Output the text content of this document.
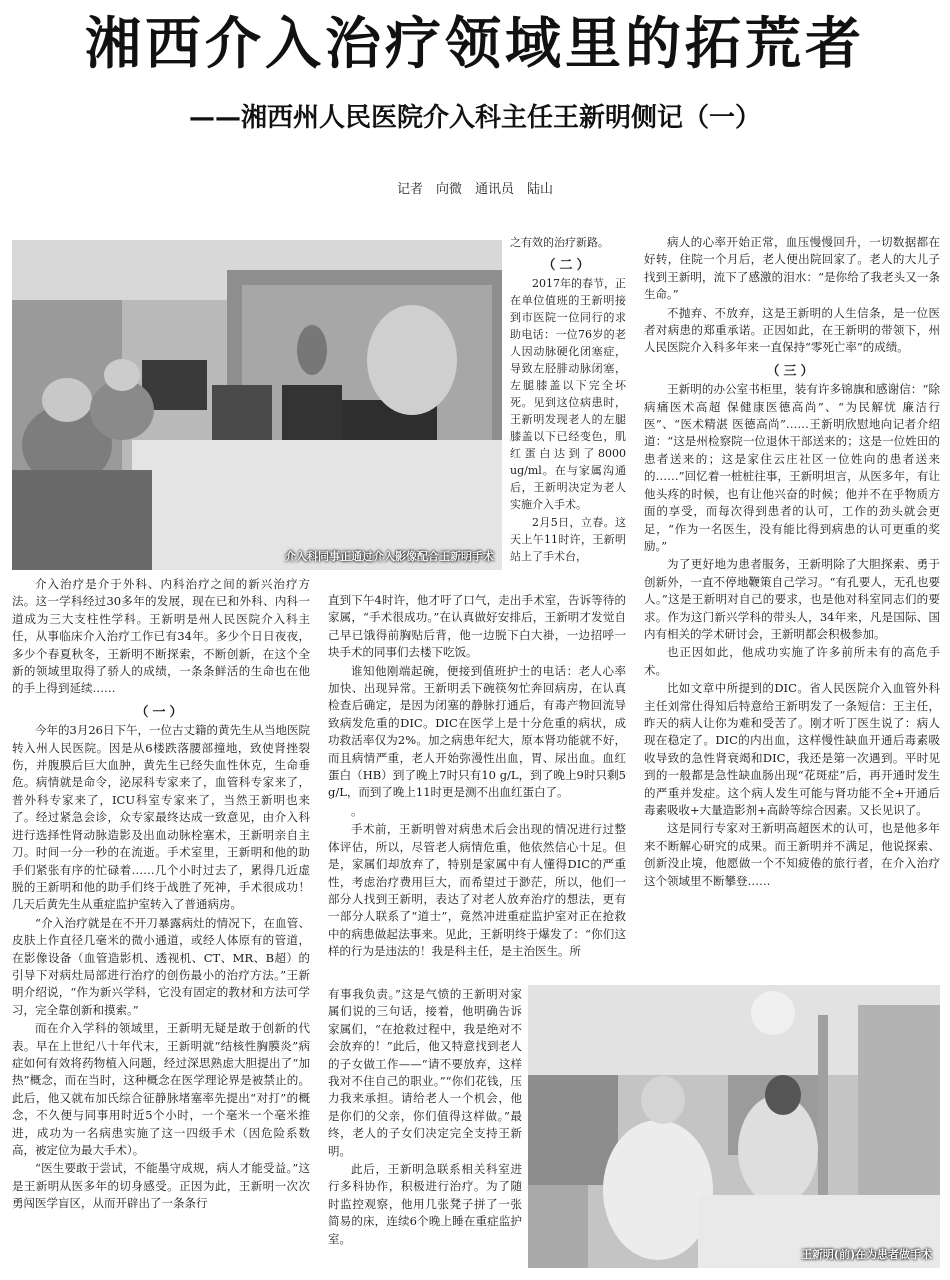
湘西介入治疗领域里的拓荒者
——湘西州人民医院介入科主任王新明侧记（一）
记者　向微　通讯员　陆山
介入科同事正通过介入影像配合王新明手术

介入治疗是介于外科、内科治疗之间的新兴治疗方法。这一学科经过30多年的发展，现在已和外科、内科一道成为三大支柱性学科。王新明是州人民医院介入科主任，从事临床介入治疗工作已有34年。多少个日日夜夜，多少个春夏秋冬，王新明不断探索，不断创新，在这个全新的领域里取得了骄人的成绩，一条条鲜活的生命也在他的手上得到延续……

（一）

今年的3月26日下午，一位古丈籍的黄先生从当地医院转入州人民医院。因是从6楼跌落腰部撞地，致使肾挫裂伤，并腹膜后巨大血肿，黄先生已经失血性休克，生命垂危。病情就是命令，泌尿科专家来了，血管科专家来了，普外科专家来了，ICU科室专家来了，当然王新明也来了。经过紧急会诊，众专家最终达成一致意见，由介入科进行选择性肾动脉造影及出血动脉栓塞术，王新明亲自主刀。时间一分一秒的在流逝。手术室里，王新明和他的助手们紧张有序的忙碌着……几个小时过去了，累得几近虚脱的王新明和他的助手们终于战胜了死神，手术很成功！几天后黄先生从重症监护室转入了普通病房。

“介入治疗就是在不开刀暴露病灶的情况下，在血管、皮肤上作直径几毫米的微小通道，或经人体原有的管道，在影像设备（血管造影机、透视机、CT、MR、B超）的引导下对病灶局部进行治疗的创伤最小的治疗方法。”王新明介绍说，“作为新兴学科，它没有固定的教材和方法可学习，完全靠创新和摸索。”

而在介入学科的领域里，王新明无疑是敢于创新的代表。早在上世纪八十年代末，王新明就“结核性胸膜炎”病症如何有效将药物植入问题，经过深思熟虑大胆提出了“加热”概念，而在当时，这种概念在医学理论界是被禁止的。此后，他又就布加氏综合征静脉堵塞率先提出“对打”的概念，不久便与同事用时近5个小时，一个毫米一个毫米推进，成功为一名病患实施了这一四级手术（因危险系数高，被定位为最大手术）。

“医生要敢于尝试，不能墨守成规，病人才能受益。”这是王新明从医多年的切身感受。正因为此，王新明一次次勇闯医学盲区，从而开辟出了一条条行

之有效的治疗新路。

（二）

2017年的春节，正在单位值班的王新明接到市医院一位同行的求助电话：一位76岁的老人因动脉硬化闭塞症，导致左胫腓动脉闭塞，左腿膝盖以下完全坏死。见到这位病患时，王新明发现老人的左腿膝盖以下已经变色，肌红蛋白达到了8000 ug/ml。在与家属沟通后，王新明决定为老人实施介入手术。

2月5日，立春。这天上午11时许，王新明站上了手术台，

直到下午4时许，他才吁了口气，走出手术室，告诉等待的家属，“手术很成功。”在认真做好安排后，王新明才发觉自己早已饿得前胸贴后背，他一边脱下白大褂，一边招呼一块手术的同事们去楼下吃饭。

谁知他刚端起碗，便接到值班护士的电话：老人心率加快、出现异常。王新明丢下碗筷匆忙奔回病房，在认真检查后确定，是因为闭塞的静脉打通后，有毒产物回流导致病发危重的DIC。DIC在医学上是十分危重的病状，成功救活率仅为2%。加之病患年纪大，原本肾功能就不好，而且病情严重，老人开始弥漫性出血，胃、尿出血。血红蛋白（HB）到了晚上7时只有10 g/L，到了晚上9时只剩5 g/L，而到了晚上11时更是测不出血红蛋白了。

。

手术前，王新明曾对病患术后会出现的情况进行过整体评估，所以，尽管老人病情危重，他依然信心十足。但是，家属们却放弃了，特别是家属中有人懂得DIC的严重性，考虑治疗费用巨大，而希望过于渺茫，所以，他们一部分人找到王新明，表达了对老人放弃治疗的想法，更有一部分人联系了“道士”，竟然冲进重症监护室对正在抢救中的病患做起法事来。见此，王新明终于爆发了：“你们这样的行为是违法的！我是科主任，是主治医生。所

有事我负责。”这是气愤的王新明对家属们说的三句话，接着，他明确告诉家属们，“在抢救过程中，我是绝对不会放弃的！”此后，他又特意找到老人的子女做工作——“请不要放弃，这样我对不住自己的职业。”“你们花钱，压力我来承担。请给老人一个机会，他是你们的父亲，你们值得这样做。”最终，老人的子女们决定完全支持王新明。

此后，王新明急联系相关科室进行多科协作，积极进行治疗。为了随时监控观察，他用几张凳子拼了一张简易的床，连续6个晚上睡在重症监护室。

病人的心率开始正常，血压慢慢回升，一切数据都在好转，住院一个月后，老人便出院回家了。老人的大儿子找到王新明，流下了感激的泪水：“是你给了我老头又一条生命。”

不抛弃、不放弃，这是王新明的人生信条，是一位医者对病患的郑重承诺。正因如此，在王新明的带领下，州人民医院介入科多年来一直保持“零死亡率”的成绩。

（三）

王新明的办公室书柜里，装有许多锦旗和感谢信：“除病痛医术高超 保健康医德高尚”、“为民解忧 廉洁行医”、“医术精湛 医德高尚”……王新明欣慰地向记者介绍道：“这是州检察院一位退休干部送来的；这是一位姓田的患者送来的；这是家住云庄社区一位姓向的患者送来的……”回忆着一桩桩往事，王新明坦言，从医多年，有让他头疼的时候，也有让他兴奋的时候；他并不在乎物质方面的享受，而每次得到患者的认可，工作的劲头就会更足，“作为一名医生，没有能比得到病患的认可更重的奖励。”

为了更好地为患者服务，王新明除了大胆探索、勇于创新外，一直不停地鞭策自己学习。“有孔要人，无孔也要人。”这是王新明对自己的要求，也是他对科室同志们的要求。作为这门新兴学科的带头人，34年来，凡是国际、国内有相关的学术研讨会，王新明都会积极参加。

也正因如此，他成功实施了许多前所未有的高危手术。

比如文章中所提到的DIC。省人民医院介入血管外科主任刘常仕得知后特意给王新明发了一条短信：王主任，昨天的病人让你为难和受苦了。刚才听丁医生说了：病人现在稳定了。DIC的内出血，这样慢性缺血开通后毒素吸收导致的急性肾衰竭和DIC，我还是第一次遇到。平时见到的一般都是急性缺血肠出现“花斑症”后，再开通时发生的严重并发症。这个病人发生可能与肾功能不全+开通后毒素吸收+大量造影剂+高龄等综合因素。又长见识了。

这是同行专家对王新明高超医术的认可，也是他多年来不断解心研究的成果。而王新明并不满足，他说探索、创新没止境，他愿做一个不知疲倦的旅行者，在介入治疗这个领域里不断攀登……

王新明(前)在为患者做手术
